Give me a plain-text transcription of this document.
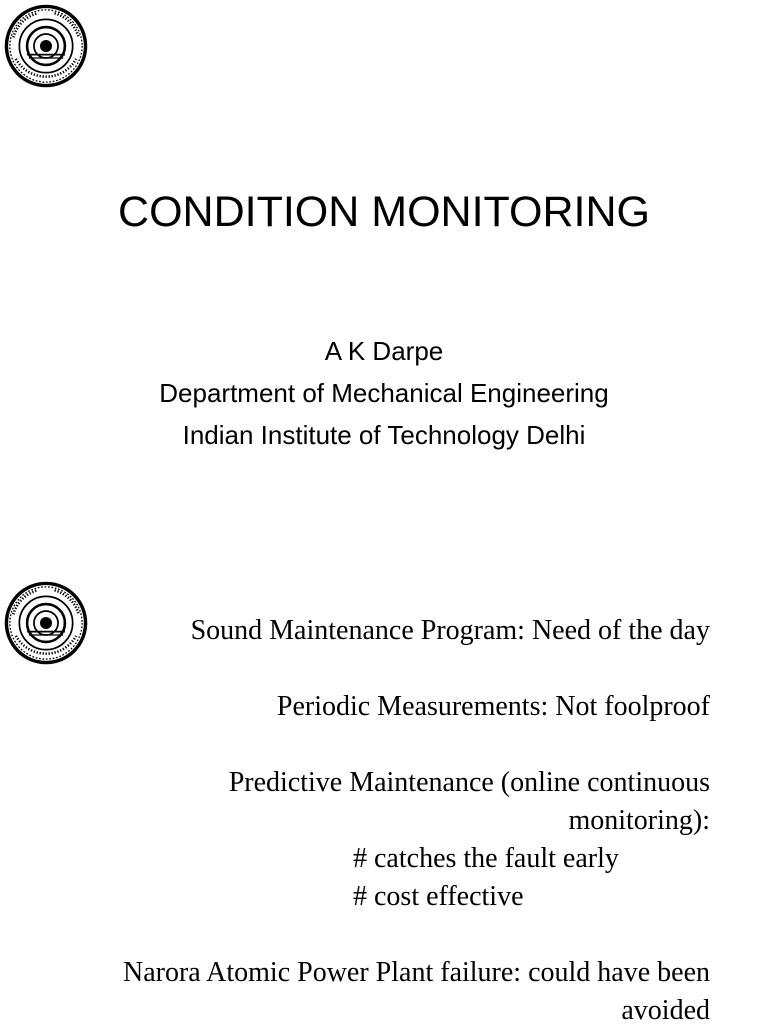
CONDITION MONITORING
A K Darpe
Department of Mechanical Engineering
Indian Institute of Technology Delhi
Sound Maintenance Program: Need of the day
Periodic Measurements: Not foolproof
Predictive Maintenance (online continuous monitoring):
# catches the fault early
# cost effective
Narora Atomic Power Plant failure: could have been avoided
